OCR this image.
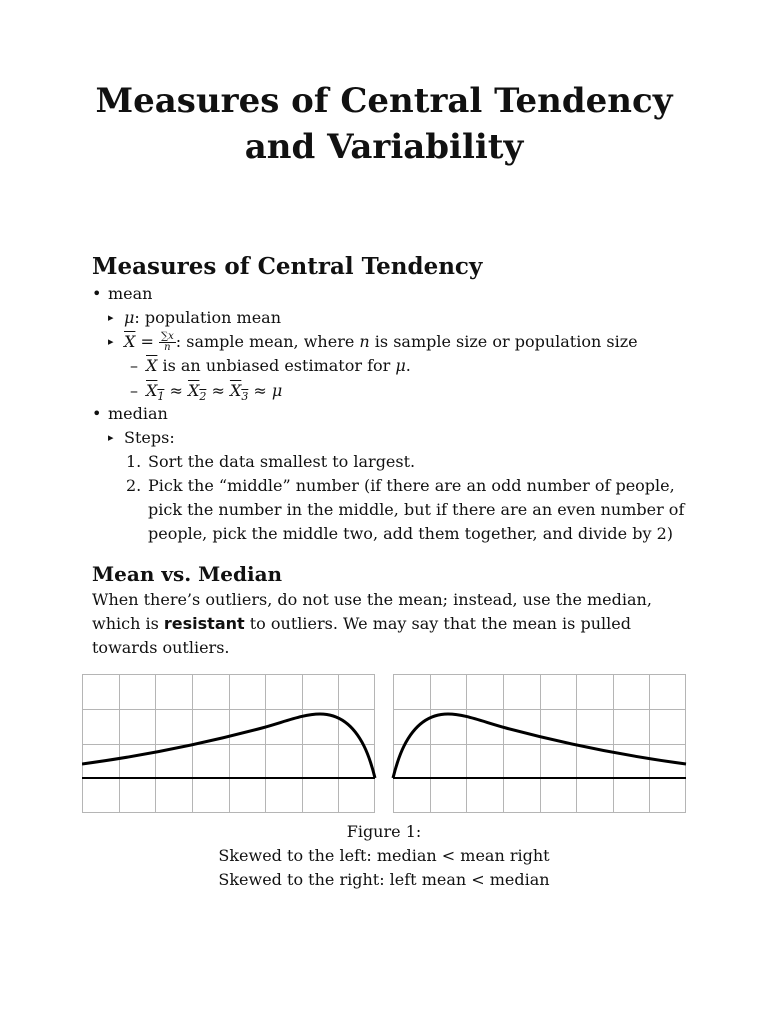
Measures of Central Tendency
and Variability
Measures of Central Tendency
• mean
▸ μ: population mean
▸ $\overline{X} = \frac{\sum x}{n}$ : sample mean, where n is sample size or population size
– $\overline{X}$ is an unbiased estimator for μ.
– $X_1 \approx X_2 \approx X_3 \approx \mu$
• median
▸ Steps:
1. Sort the data smallest to largest.
2. Pick the “middle” number (if there are an odd number of people,
pick the number in the middle, but if there are an even number of
people, pick the middle two, add them together, and divide by 2)
Mean vs. Median
When there’s outliers, do not use the mean; instead, use the median,
which is resistant to outliers. We may say that the mean is pulled
towards outliers.
Figure 1:
Skewed to the left: median < mean right
Skewed to the right: left mean < median
